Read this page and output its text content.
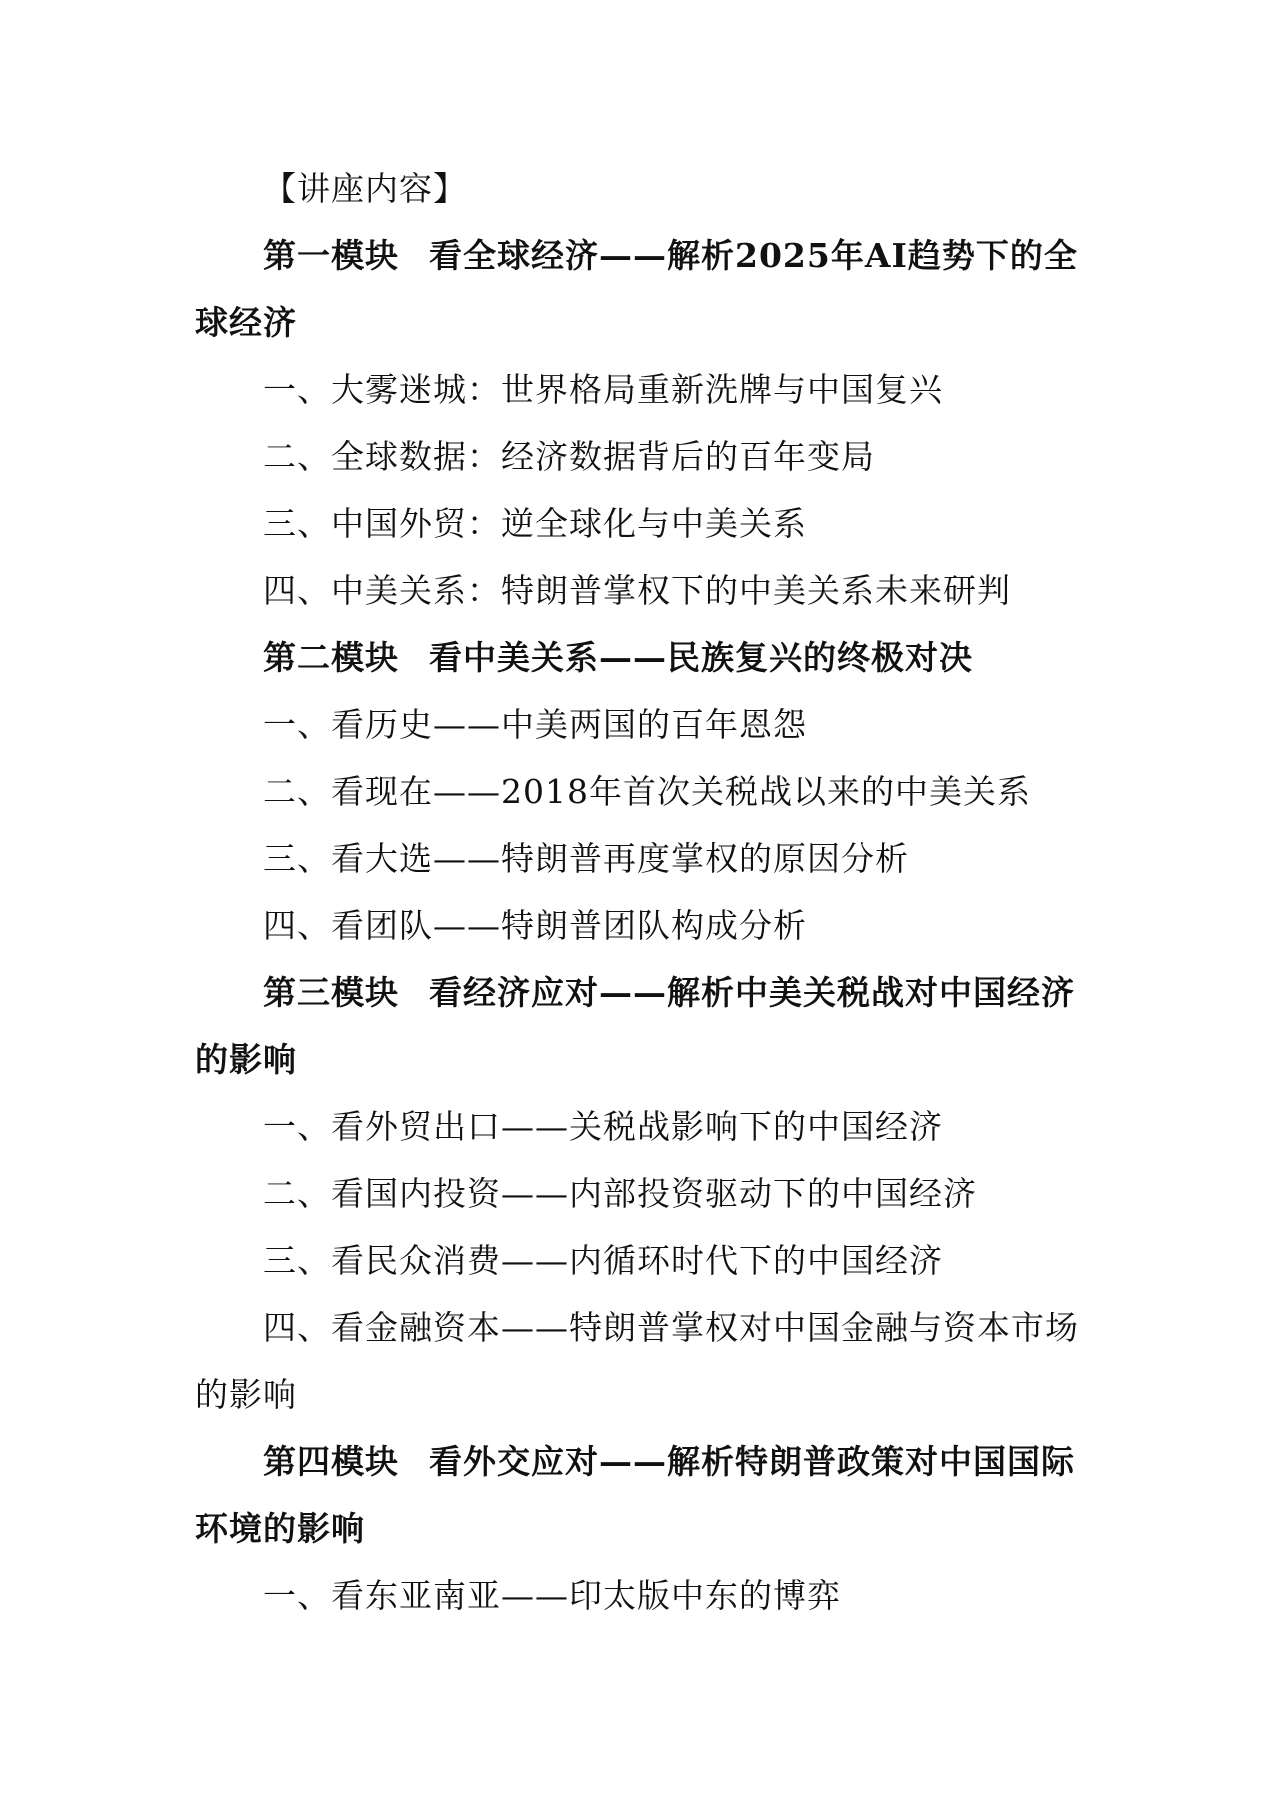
【讲座内容】
第一模块 看全球经济——解析2025年AI趋势下的全球经济
一、大雾迷城：世界格局重新洗牌与中国复兴
二、全球数据：经济数据背后的百年变局
三、中国外贸：逆全球化与中美关系
四、中美关系：特朗普掌权下的中美关系未来研判
第二模块 看中美关系——民族复兴的终极对决
一、看历史——中美两国的百年恩怨
二、看现在——2018年首次关税战以来的中美关系
三、看大选——特朗普再度掌权的原因分析
四、看团队——特朗普团队构成分析
第三模块 看经济应对——解析中美关税战对中国经济的影响
一、看外贸出口——关税战影响下的中国经济
二、看国内投资——内部投资驱动下的中国经济
三、看民众消费——内循环时代下的中国经济
四、看金融资本——特朗普掌权对中国金融与资本市场的影响
第四模块 看外交应对——解析特朗普政策对中国国际环境的影响
一、看东亚南亚——印太版中东的博弈
